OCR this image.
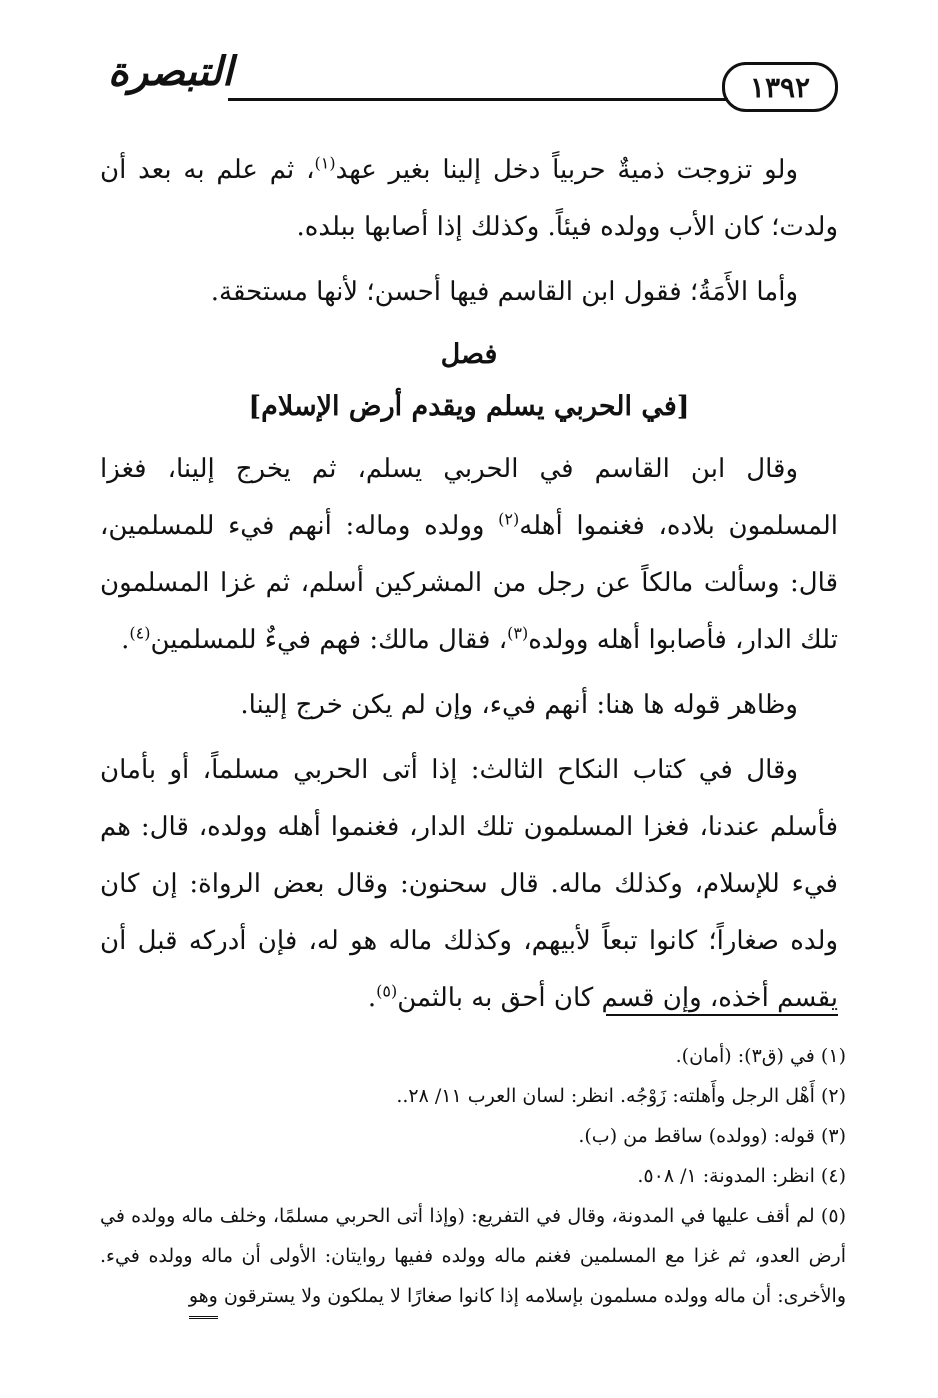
١٣٩٢
التبصرة

ولو تزوجت ذميةٌ حربياً دخل إلينا بغير عهد$^{(١)}$، ثم علم به بعد أن ولدت؛ كان الأب وولده فيئاً. وكذلك إذا أصابها ببلده.

وأما الأَمَةُ؛ فقول ابن القاسم فيها أحسن؛ لأنها مستحقة.

فصل
[في الحربي يسلم ويقدم أرض الإسلام]

وقال ابن القاسم في الحربي يسلم، ثم يخرج إلينا، فغزا المسلمون بلاده، فغنموا أهله$^{(٢)}$ وولده وماله: أنهم فيء للمسلمين، قال: وسألت مالكاً عن رجل من المشركين أسلم، ثم غزا المسلمون تلك الدار، فأصابوا أهله وولده$^{(٣)}$، فقال مالك: فهم فيءٌ للمسلمين$^{(٤)}$.

وظاهر قوله ها هنا: أنهم فيء، وإن لم يكن خرج إلينا.

وقال في كتاب النكاح الثالث: إذا أتى الحربي مسلماً، أو بأمان فأسلم عندنا، فغزا المسلمون تلك الدار، فغنموا أهله وولده، قال: هم فيء للإسلام، وكذلك ماله. قال سحنون: وقال بعض الرواة: إن كان ولده صغاراً؛ كانوا تبعاً لأبيهم، وكذلك ماله هو له، فإن أدركه قبل أن يقسم أخذه، وإن قسم كان أحق به بالثمن$^{(٥)}$.

(١) في (ق٣): (أمان).

(٢) أَهْل الرجل وأَهلته: زَوْجُه. انظر: لسان العرب ١١/ ٢٨..

(٣) قوله: (وولده) ساقط من (ب).

(٤) انظر: المدونة: ١/ ٥٠٨.

(٥) لم أقف عليها في المدونة، وقال في التفريع: (وإذا أتى الحربي مسلمًا، وخلف ماله وولده في أرض العدو، ثم غزا مع المسلمين فغنم ماله وولده ففيها روايتان: الأولى أن ماله وولده فيء. والأخرى: أن ماله وولده مسلمون بإسلامه إذا كانوا صغارًا لا يملكون ولا يسترقون وهو
